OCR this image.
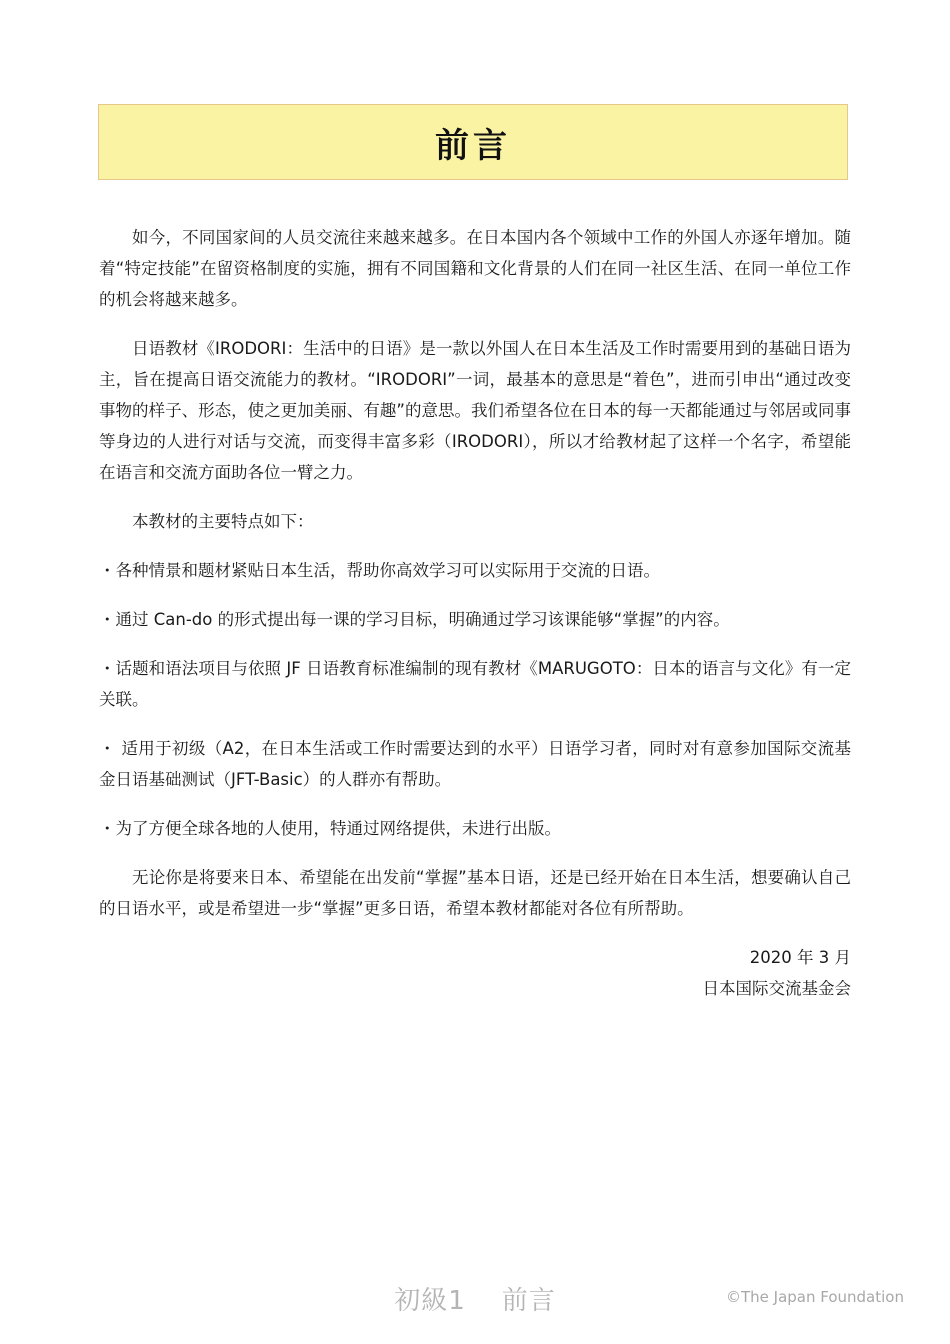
前言

如今，不同国家间的人员交流往来越来越多。在日本国内各个领域中工作的外国人亦逐年增加。随着“特定技能”在留资格制度的实施，拥有不同国籍和文化背景的人们在同一社区生活、在同一单位工作的机会将越来越多。

日语教材《IRODORI：生活中的日语》是一款以外国人在日本生活及工作时需要用到的基础日语为主，旨在提高日语交流能力的教材。“IRODORI”一词，最基本的意思是“着色”，进而引申出“通过改变事物的样子、形态，使之更加美丽、有趣”的意思。我们希望各位在日本的每一天都能通过与邻居或同事等身边的人进行对话与交流，而变得丰富多彩（IRODORI），所以才给教材起了这样一个名字，希望能在语言和交流方面助各位一臂之力。

本教材的主要特点如下：

・各种情景和题材紧贴日本生活，帮助你高效学习可以实际用于交流的日语。

・通过 Can-do 的形式提出每一课的学习目标，明确通过学习该课能够“掌握”的内容。

・话题和语法项目与依照 JF 日语教育标准编制的现有教材《MARUGOTO：日本的语言与文化》有一定关联。

・ 适用于初级（A2，在日本生活或工作时需要达到的水平）日语学习者，同时对有意参加国际交流基金日语基础测试（JFT-Basic）的人群亦有帮助。

・为了方便全球各地的人使用，特通过网络提供，未进行出版。

无论你是将要来日本、希望能在出发前“掌握”基本日语，还是已经开始在日本生活，想要确认自己的日语水平，或是希望进一步“掌握”更多日语，希望本教材都能对各位有所帮助。

2020 年 3 月
日本国际交流基金会
初級1 前言	©The Japan Foundation
